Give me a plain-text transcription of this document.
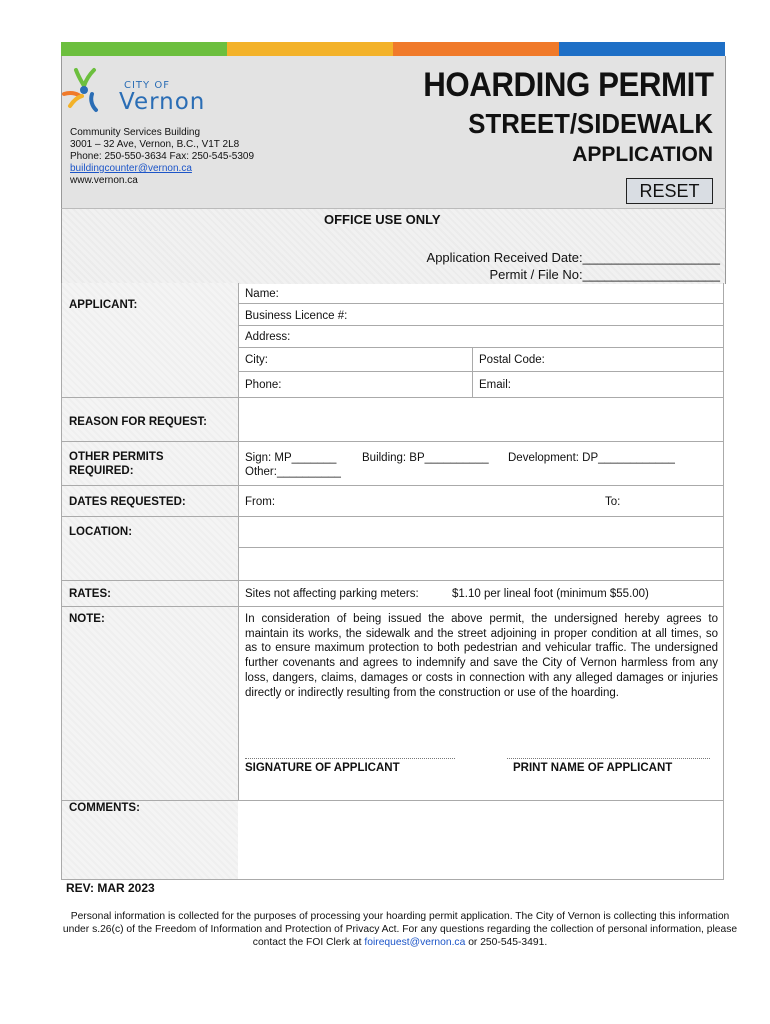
CITY OF
Vernon
Community Services Building
3001 – 32 Ave, Vernon, B.C., V1T 2L8
Phone: 250-550-3634 Fax: 250-545-5309
buildingcounter@vernon.ca
www.vernon.ca
HOARDING PERMIT
STREET/SIDEWALK
APPLICATION
RESET
OFFICE USE ONLY
Application Received Date:___________________
Permit / File No:___________________
APPLICANT:
Name:
Business Licence #:
Address:
City:	Postal Code:
Phone:	Email:
REASON FOR REQUEST:
OTHER PERMITS REQUIRED:
Sign: MP_______ Building: BP__________ Development: DP____________
Other:__________
DATES REQUESTED:	From:	To:
LOCATION:
RATES:	Sites not affecting parking meters:	$1.10 per lineal foot (minimum $55.00)
NOTE:	In consideration of being issued the above permit, the undersigned hereby agrees to maintain its works, the sidewalk and the street adjoining in proper condition at all times, so as to ensure maximum protection to both pedestrian and vehicular traffic. The undersigned further covenants and agrees to indemnify and save the City of Vernon harmless from any loss, dangers, claims, damages or costs in connection with any alleged damages or injuries directly or indirectly resulting from the construction or use of the hoarding.
SIGNATURE OF APPLICANT	PRINT NAME OF APPLICANT
COMMENTS:
REV: MAR 2023
Personal information is collected for the purposes of processing your hoarding permit application. The City of Vernon is collecting this information under s.26(c) of the Freedom of Information and Protection of Privacy Act. For any questions regarding the collection of personal information, please contact the FOI Clerk at foirequest@vernon.ca or 250-545-3491.
